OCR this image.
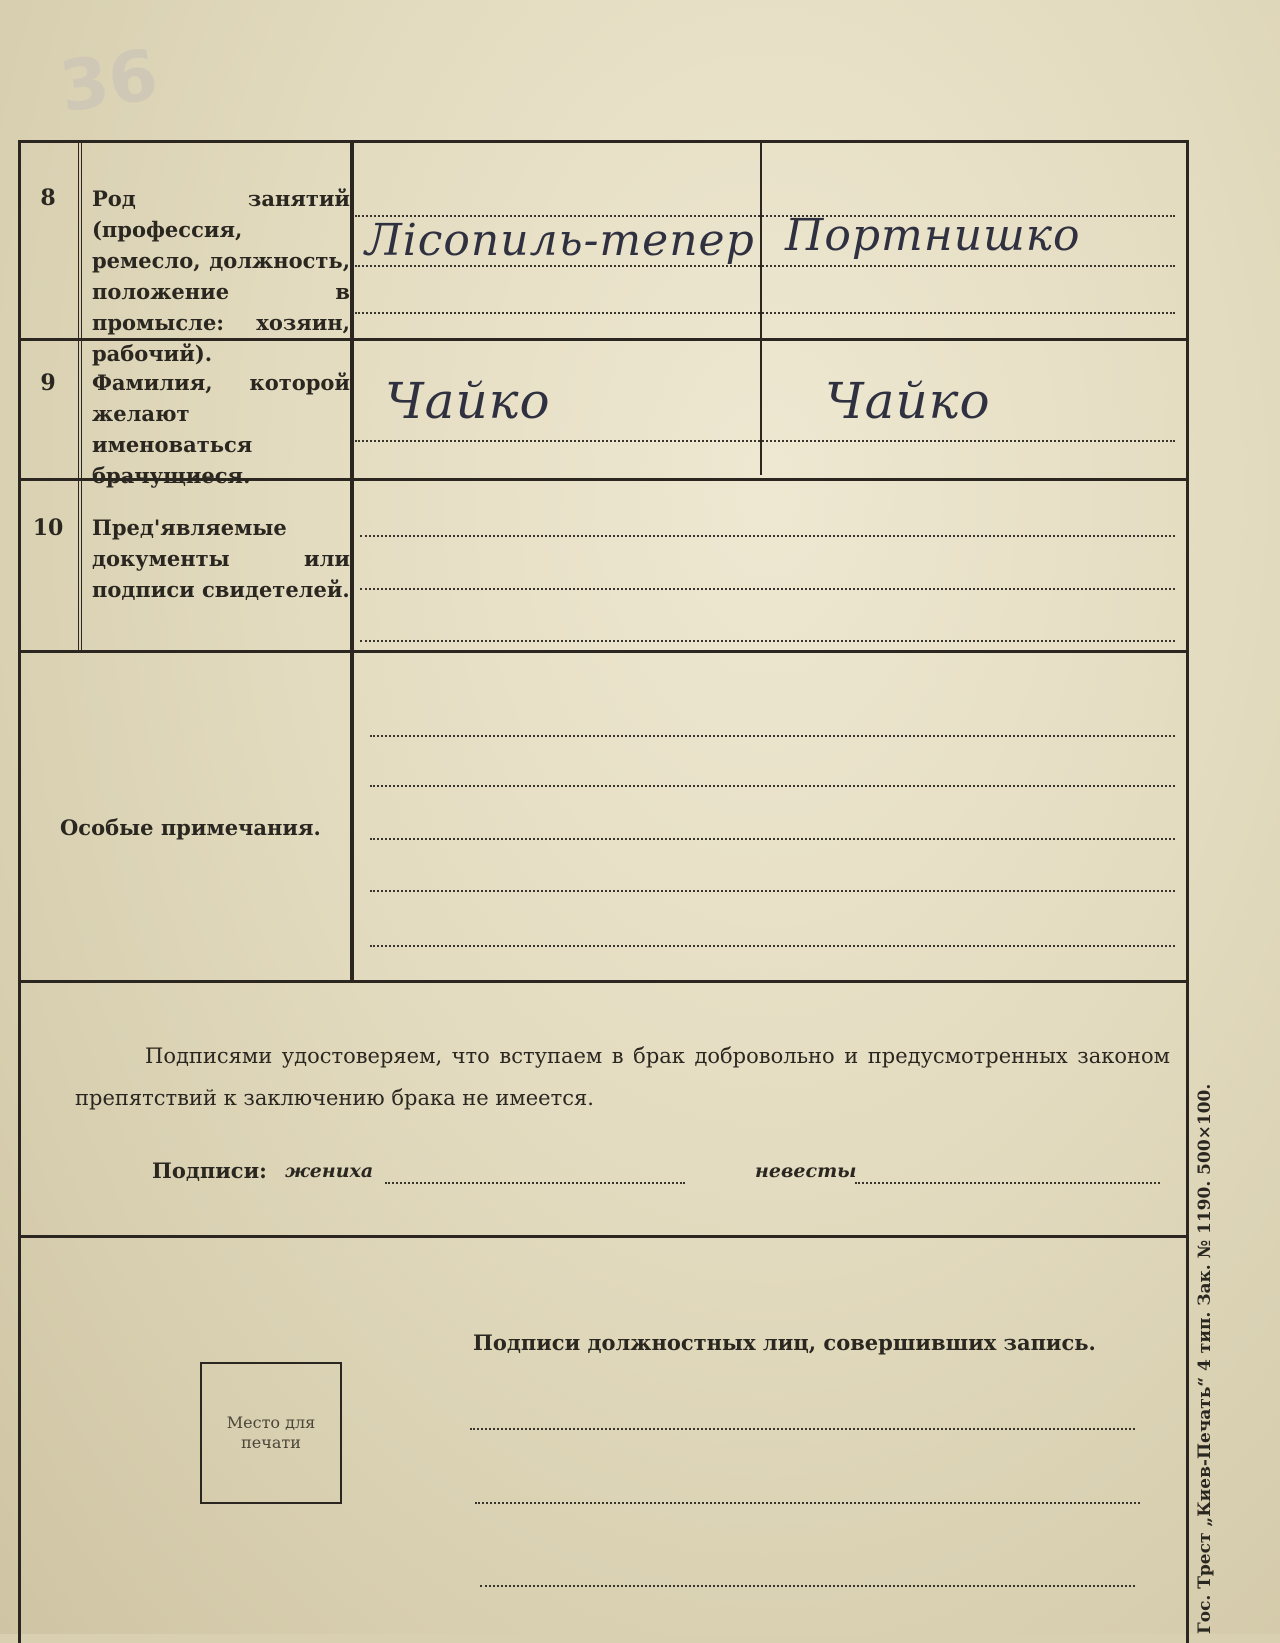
36
8	Род занятий (профессия, ремесло, должность, положение в промысле: хозяин, рабочий).
Лісопиль-тепер Портнишко
9	Фамилия, которой желают именоваться брачущиеся.
Чайко	Чайко
10	Пред'являемые документы или подписи свидетелей.
Особые примечания.
Подписями удостоверяем, что вступаем в брак добровольно и предусмотренных законом препятствий к заключению брака не имеется.
Подписи: жениха	невесты
Подписи должностных лиц, совершивших запись.
Место для печати	Гос. Трест „Киев-Печать“ 4 тип. Зак. № 1190. 500×100.
